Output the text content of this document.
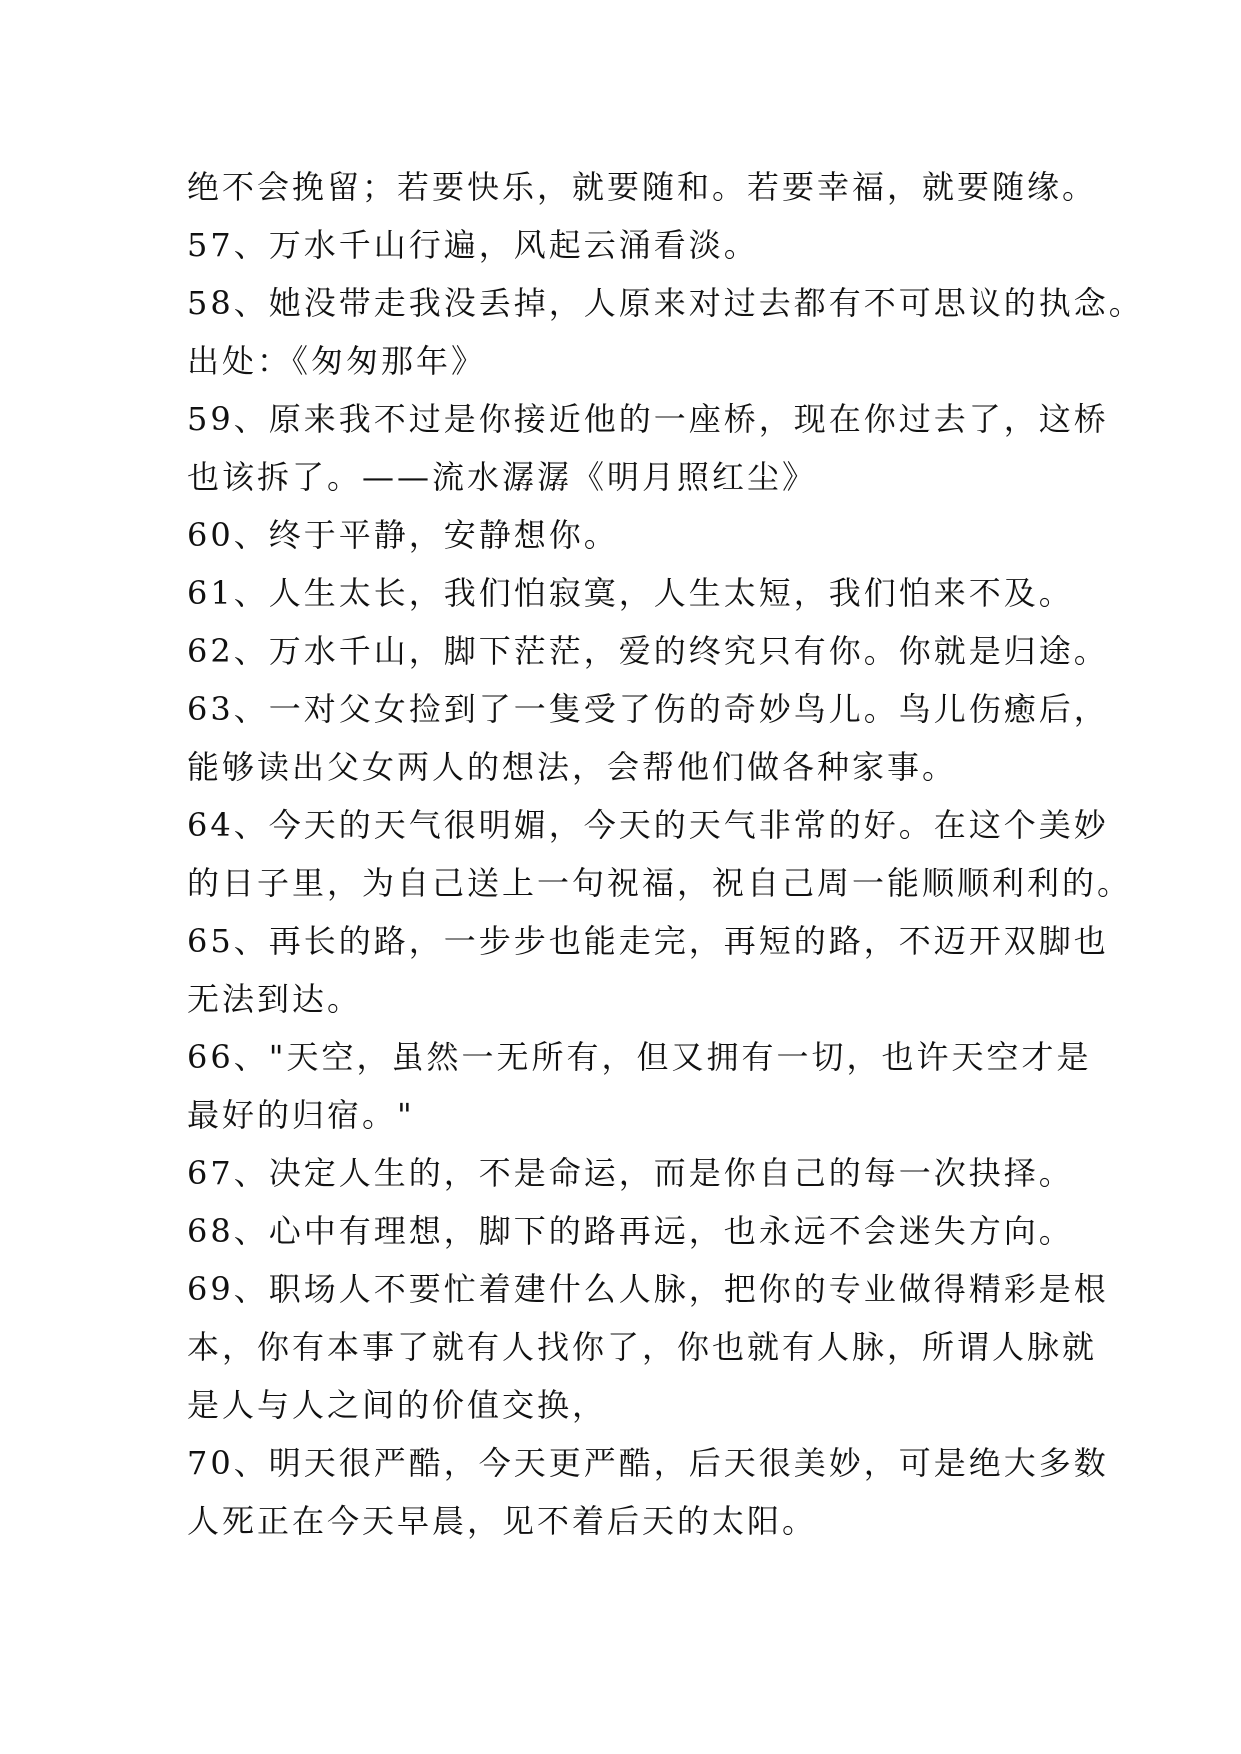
绝不会挽留；若要快乐，就要随和。若要幸福，就要随缘。
57、万水千山行遍，风起云涌看淡。
58、她没带走我没丢掉，人原来对过去都有不可思议的执念。
出处：《匆匆那年》
59、原来我不过是你接近他的一座桥，现在你过去了，这桥
也该拆了。——流水潺潺《明月照红尘》
60、终于平静，安静想你。
61、人生太长，我们怕寂寞，人生太短，我们怕来不及。
62、万水千山，脚下茫茫，爱的终究只有你。你就是归途。
63、一对父女捡到了一隻受了伤的奇妙鸟儿。鸟儿伤癒后，
能够读出父女两人的想法，会帮他们做各种家事。
64、今天的天气很明媚，今天的天气非常的好。在这个美妙
的日子里，为自己送上一句祝福，祝自己周一能顺顺利利的。
65、再长的路，一步步也能走完，再短的路，不迈开双脚也
无法到达。
66、"天空，虽然一无所有，但又拥有一切，也许天空才是
最好的归宿。"
67、决定人生的，不是命运，而是你自己的每一次抉择。
68、心中有理想，脚下的路再远，也永远不会迷失方向。
69、职场人不要忙着建什么人脉，把你的专业做得精彩是根
本，你有本事了就有人找你了，你也就有人脉，所谓人脉就
是人与人之间的价值交换，
70、明天很严酷，今天更严酷，后天很美妙，可是绝大多数
人死正在今天早晨，见不着后天的太阳。
